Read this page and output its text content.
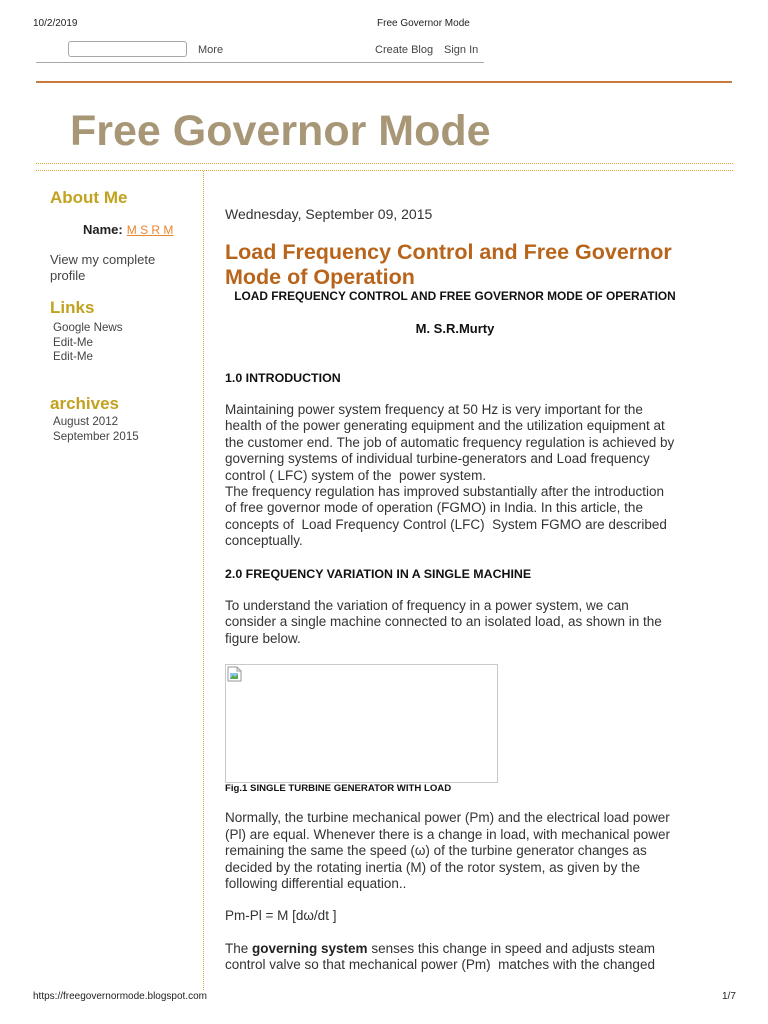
10/2/2019	Free Governor Mode
More	Create Blog Sign In
Free Governor Mode
About Me
Name: M S R M
View my complete profile
Links
Google News
Edit-Me
Edit-Me
archives
August 2012
September 2015
Wednesday, September 09, 2015
Load Frequency Control and Free Governor Mode of Operation
LOAD FREQUENCY CONTROL AND FREE GOVERNOR MODE OF OPERATION
M. S.R.Murty
1.0 INTRODUCTION
Maintaining power system frequency at 50 Hz is very important for the
health of the power generating equipment and the utilization equipment at
the customer end. The job of automatic frequency regulation is achieved by
governing systems of individual turbine-generators and Load frequency
control ( LFC) system of the  power system.
The frequency regulation has improved substantially after the introduction
of free governor mode of operation (FGMO) in India. In this article, the
concepts of  Load Frequency Control (LFC)  System FGMO are described
conceptually.
2.0 FREQUENCY VARIATION IN A SINGLE MACHINE
To understand the variation of frequency in a power system, we can
consider a single machine connected to an isolated load, as shown in the
figure below.
Fig.1 SINGLE TURBINE GENERATOR WITH LOAD
Normally, the turbine mechanical power (Pm) and the electrical load power
(Pl) are equal. Whenever there is a change in load, with mechanical power
remaining the same the speed (ω) of the turbine generator changes as
decided by the rotating inertia (M) of the rotor system, as given by the
following differential equation..
Pm-Pl = M [dω/dt ]
The governing system senses this change in speed and adjusts steam
control valve so that mechanical power (Pm)  matches with the changed
https://freegovernormode.blogspot.com	1/7
